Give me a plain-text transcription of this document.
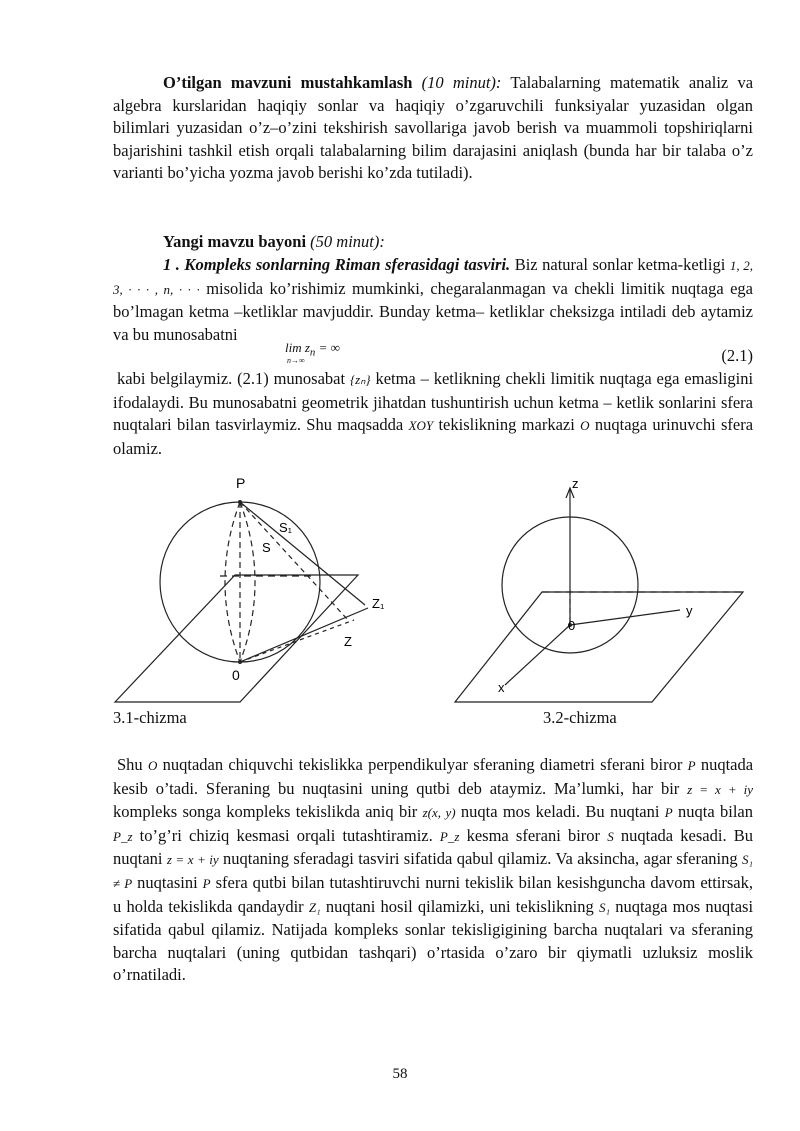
O’tilgan mavzuni mustahkamlash (10 minut): Talabalarning matematik analiz va algebra kurslaridan haqiqiy sonlar va haqiqiy o’zgaruvchili funksiyalar yuzasidan olgan bilimlari yuzasidan o’z–o’zini tekshirish savollariga javob berish va muammoli topshiriqlarni bajarishini tashkil etish orqali talabalarning bilim darajasini aniqlash (bunda har bir talaba o’z varianti bo’yicha yozma javob berishi ko’zda tutiladi).

Yangi mavzu bayoni (50 minut):

1 . Kompleks sonlarning Riman sferasidagi tasviri. Biz natural sonlar ketma-ketligi 1, 2, 3, · · · , n, · · · misolida ko’rishimiz mumkinki, chegaralanmagan va chekli limitik nuqtaga ega bo’lmagan ketma –ketliklar mavjuddir. Bunday ketma– ketliklar cheksizga intiladi deb aytamiz va bu munosabatni

$\lim z_n$ = ∞
n→∞	(2.1)

kabi belgilaymiz. (2.1) munosabat {zₙ} ketma – ketlikning chekli limitik nuqtaga ega emasligini ifodalaydi. Bu munosabatni geometrik jihatdan tushuntirish uchun ketma – ketlik sonlarini sfera nuqtalari bilan tasvirlaymiz. Shu maqsadda XOY tekislikning markazi O nuqtaga urinuvchi sfera olamiz.

P
S₁
S
Z₁
Z
0
3.1-chizma
z
y
x
0
3.2-chizma

Shu O nuqtadan chiquvchi tekislikka perpendikulyar sferaning diametri sferani biror P nuqtada kesib o’tadi. Sferaning bu nuqtasini uning qutbi deb ataymiz. Ma’lumki, har bir z = x + iy kompleks songa kompleks tekislikda aniq bir z(x, y) nuqta mos keladi. Bu nuqtani P nuqta bilan P_z to’g’ri chiziq kesmasi orqali tutashtiramiz. P_z kesma sferani biror S nuqtada kesadi. Bu nuqtani z = x + iy nuqtaning sferadagi tasviri sifatida qabul qilamiz. Va aksincha, agar sferaning S₁ ≠ P nuqtasini P sfera qutbi bilan tutashtiruvchi nurni tekislik bilan kesishguncha davom ettirsak, u holda tekislikda qandaydir Z₁ nuqtani hosil qilamizki, uni tekislikning S₁ nuqtaga mos nuqtasi sifatida qabul qilamiz. Natijada kompleks sonlar tekisligigining barcha nuqtalari va sferaning barcha nuqtalari (uning qutbidan tashqari) o’rtasida o’zaro bir qiymatli uzluksiz moslik o’rnatiladi.

58
